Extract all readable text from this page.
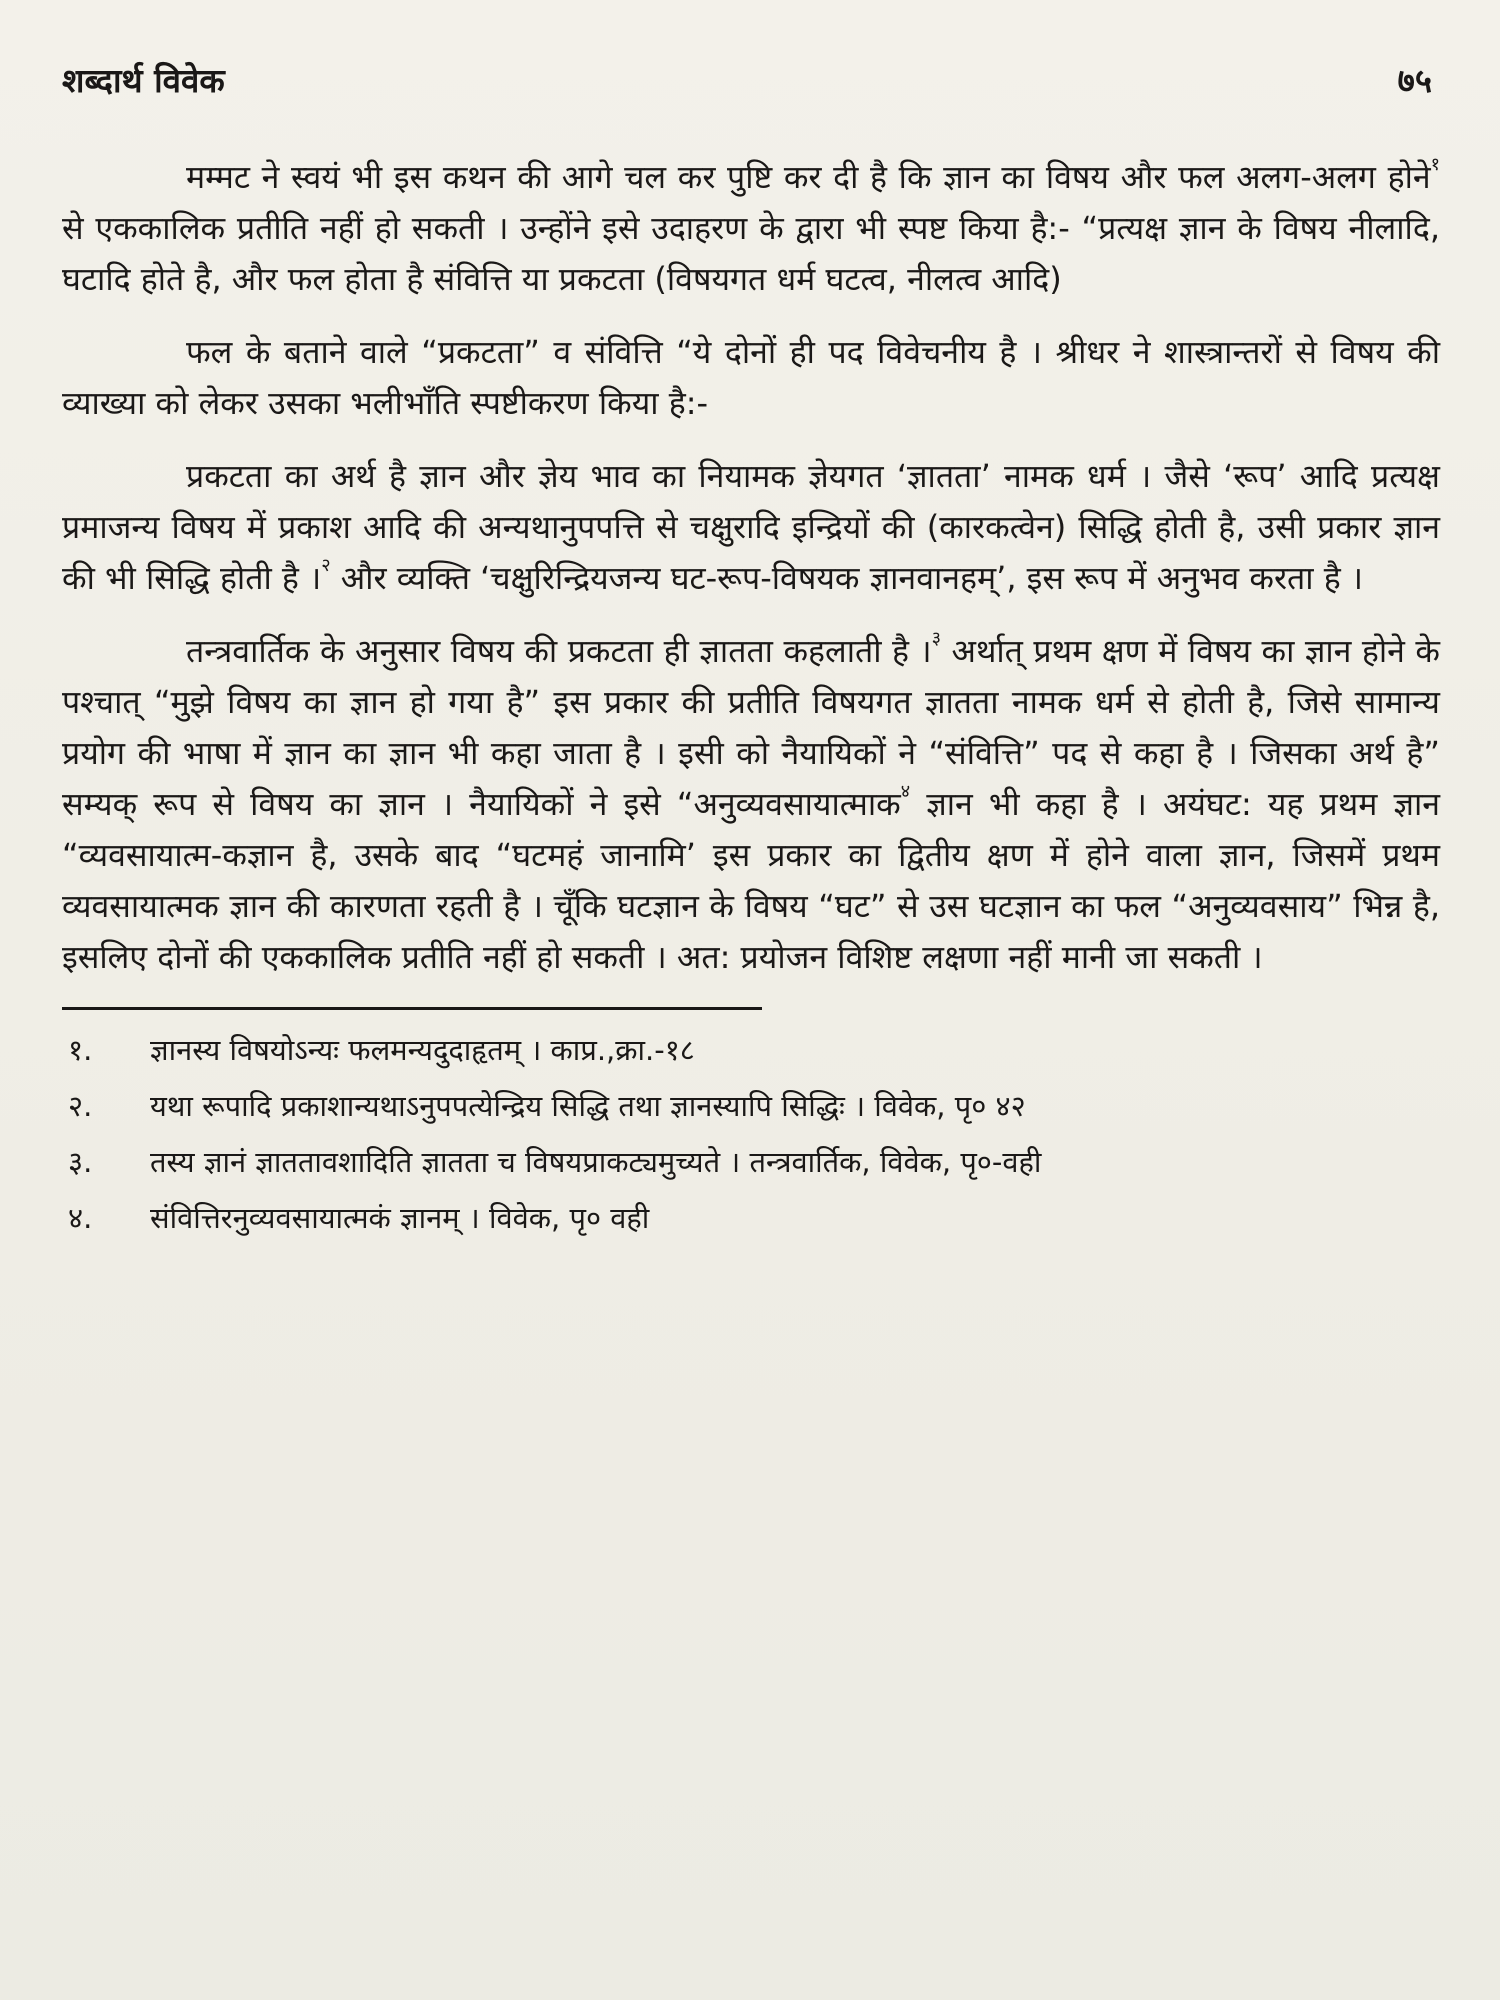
शब्दार्थ विवेक	७५

मम्मट ने स्वयं भी इस कथन की आगे चल कर पुष्टि कर दी है कि ज्ञान का विषय और फल अलग-अलग होने$^१$ से एककालिक प्रतीति नहीं हो सकती । उन्होंने इसे उदाहरण के द्वारा भी स्पष्ट किया है:- “प्रत्यक्ष ज्ञान के विषय नीलादि, घटादि होते है, और फल होता है संवित्ति या प्रकटता (विषयगत धर्म घटत्व, नीलत्व आदि)

फल के बताने वाले “प्रकटता” व संवित्ति “ये दोनों ही पद विवेचनीय है । श्रीधर ने शास्त्रान्तरों से विषय की व्याख्या को लेकर उसका भलीभाँति स्पष्टीकरण किया है:-

प्रकटता का अर्थ है ज्ञान और ज्ञेय भाव का नियामक ज्ञेयगत ‘ज्ञातता’ नामक धर्म । जैसे ‘रूप’ आदि प्रत्यक्ष प्रमाजन्य विषय में प्रकाश आदि की अन्यथानुपपत्ति से चक्षुरादि इन्द्रियों की (कारकत्वेन) सिद्धि होती है, उसी प्रकार ज्ञान की भी सिद्धि होती है ।$^२$ और व्यक्ति ‘चक्षुरिन्द्रियजन्य घट-रूप-विषयक ज्ञानवानहम्’, इस रूप में अनुभव करता है ।

तन्त्रवार्तिक के अनुसार विषय की प्रकटता ही ज्ञातता कहलाती है ।$^३$ अर्थात् प्रथम क्षण में विषय का ज्ञान होने के पश्चात् “मुझे विषय का ज्ञान हो गया है” इस प्रकार की प्रतीति विषयगत ज्ञातता नामक धर्म से होती है, जिसे सामान्य प्रयोग की भाषा में ज्ञान का ज्ञान भी कहा जाता है । इसी को नैयायिकों ने “संवित्ति” पद से कहा है । जिसका अर्थ है” सम्यक् रूप से विषय का ज्ञान । नैयायिकों ने इसे “अनुव्यवसायात्माक$^४$ ज्ञान भी कहा है । अयंघट: यह प्रथम ज्ञान “व्यवसायात्म-कज्ञान है, उसके बाद “घटमहं जानामि’ इस प्रकार का द्वितीय क्षण में होने वाला ज्ञान, जिसमें प्रथम व्यवसायात्मक ज्ञान की कारणता रहती है । चूँकि घटज्ञान के विषय “घट” से उस घटज्ञान का फल “अनुव्यवसाय” भिन्न है, इसलिए दोनों की एककालिक प्रतीति नहीं हो सकती । अत: प्रयोजन विशिष्ट लक्षणा नहीं मानी जा सकती ।

१.	ज्ञानस्य विषयोऽन्यः फलमन्यदुदाहृतम् । काप्र.,क्रा.-१८
२.	यथा रूपादि प्रकाशान्यथाऽनुपपत्येन्द्रिय सिद्धि तथा ज्ञानस्यापि सिद्धिः । विवेक, पृ० ४२
३.	तस्य ज्ञानं ज्ञाततावशादिति ज्ञातता च विषयप्राकट्यमुच्यते । तन्त्रवार्तिक, विवेक, पृ०-वही
४.	संवित्तिरनुव्यवसायात्मकं ज्ञानम् । विवेक, पृ० वही
